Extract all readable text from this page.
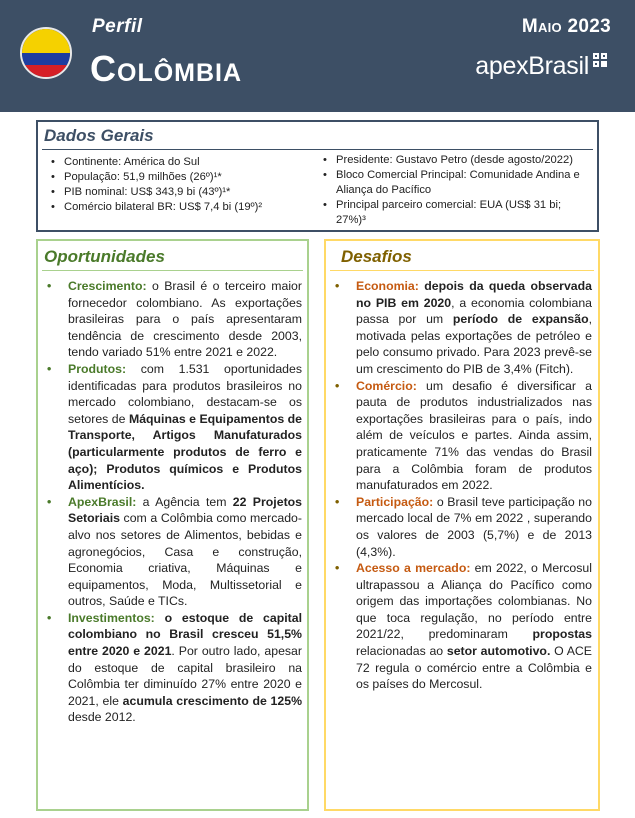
Perfil
Colômbia
Maio 2023
apexBrasil
Dados Gerais
• Continente: América do Sul
• População: 51,9 milhões (26º)¹*
• PIB nominal: US$ 343,9 bi (43º)¹*
• Comércio bilateral BR: US$ 7,4 bi (19º)²
• Presidente: Gustavo Petro (desde agosto/2022)
• Bloco Comercial Principal: Comunidade Andina e Aliança do Pacífico
• Principal parceiro comercial: EUA (US$ 31 bi; 27%)³
Oportunidades
• Crescimento: o Brasil é o terceiro maior fornecedor colombiano. As exportações brasileiras para o país apresentaram tendência de crescimento desde 2003, tendo variado 51% entre 2021 e 2022.
• Produtos: com 1.531 oportunidades identificadas para produtos brasileiros no mercado colombiano, destacam-se os setores de Máquinas e Equipamentos de Transporte, Artigos Manufaturados (particularmente produtos de ferro e aço); Produtos químicos e Produtos Alimentícios.
• ApexBrasil: a Agência tem 22 Projetos Setoriais com a Colômbia como mercado-alvo nos setores de Alimentos, bebidas e agronegócios, Casa e construção, Economia criativa, Máquinas e equipamentos, Moda, Multissetorial e outros, Saúde e TICs.
• Investimentos: o estoque de capital colombiano no Brasil cresceu 51,5% entre 2020 e 2021. Por outro lado, apesar do estoque de capital brasileiro na Colômbia ter diminuído 27% entre 2020 e 2021, ele acumula crescimento de 125% desde 2012.
Desafios
• Economia: depois da queda observada no PIB em 2020, a economia colombiana passa por um período de expansão, motivada pelas exportações de petróleo e pelo consumo privado. Para 2023 prevê-se um crescimento do PIB de 3,4% (Fitch).
• Comércio: um desafio é diversificar a pauta de produtos industrializados nas exportações brasileiras para o país, indo além de veículos e partes. Ainda assim, praticamente 71% das vendas do Brasil para a Colômbia foram de produtos manufaturados em 2022.
• Participação: o Brasil teve participação no mercado local de 7% em 2022 , superando os valores de 2003 (5,7%) e de 2013 (4,3%).
• Acesso a mercado: em 2022, o Mercosul ultrapassou a Aliança do Pacífico como origem das importações colombianas. No que toca regulação, no período entre 2021/22, predominaram propostas relacionadas ao setor automotivo. O ACE 72 regula o comércio entre a Colômbia e os países do Mercosul.
